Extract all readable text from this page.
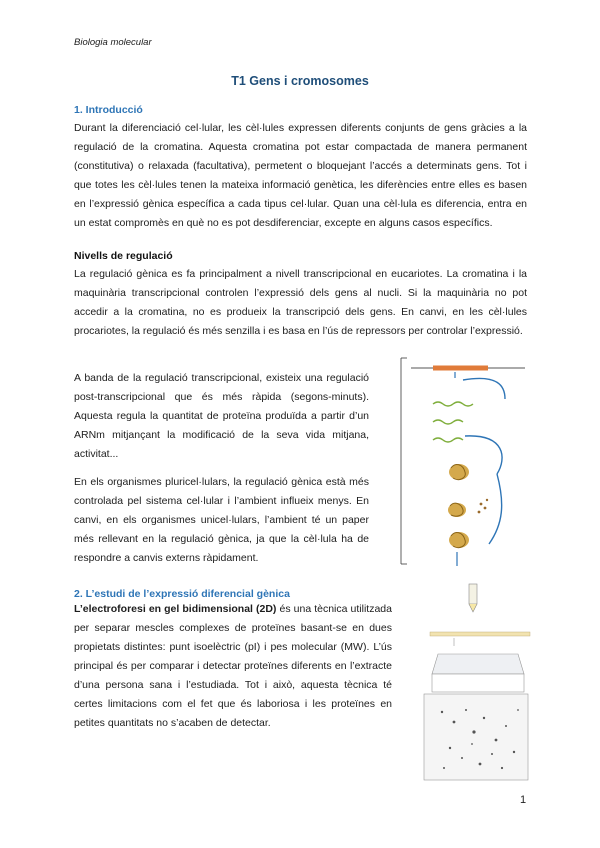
Biologia molecular
T1 Gens i cromosomes
1. Introducció

Durant la diferenciació cel·lular, les cèl·lules expressen diferents conjunts de gens gràcies a la regulació de la cromatina. Aquesta cromatina pot estar compactada de manera permanent (constitutiva) o relaxada (facultativa), permetent o bloquejant l’accés a determinats gens. Tot i que totes les cèl·lules tenen la mateixa informació genètica, les diferències entre elles es basen en l’expressió gènica específica a cada tipus cel·lular. Quan una cèl·lula es diferencia, entra en un estat compromès en què no es pot desdiferenciar, excepte en alguns casos específics.

Nivells de regulació

La regulació gènica es fa principalment a nivell transcripcional en eucariotes. La cromatina i la maquinària transcripcional controlen l’expressió dels gens al nucli. Si la maquinària no pot accedir a la cromatina, no es produeix la transcripció dels gens. En canvi, en les cèl·lules procariotes, la regulació és més senzilla i es basa en l’ús de repressors per controlar l’expressió.

A banda de la regulació transcripcional, existeix una regulació post-transcripcional que és més ràpida (segons-minuts). Aquesta regula la quantitat de proteïna produïda a partir d’un ARNm mitjançant la modificació de la seva vida mitjana, activitat...

En els organismes pluricel·lulars, la regulació gènica està més controlada pel sistema cel·lular i l’ambient influeix menys. En canvi, en els organismes unicel·lulars, l’ambient té un paper més rellevant en la regulació gènica, ja que la cèl·lula ha de respondre a canvis externs ràpidament.

2. L’estudi de l’expressió diferencial gènica

L’electroforesi en gel bidimensional (2D) és una tècnica utilitzada per separar mescles complexes de proteïnes basant-se en dues propietats distintes: punt isoelèctric (pI) i pes molecular (MW). L’ús principal és per comparar i detectar proteïnes diferents en l’extracte d’una persona sana i l’estudiada. Tot i això, aquesta tècnica té certes limitacions com el fet que és laboriosa i les proteïnes en petites quantitats no s’acaben de detectar.

1
